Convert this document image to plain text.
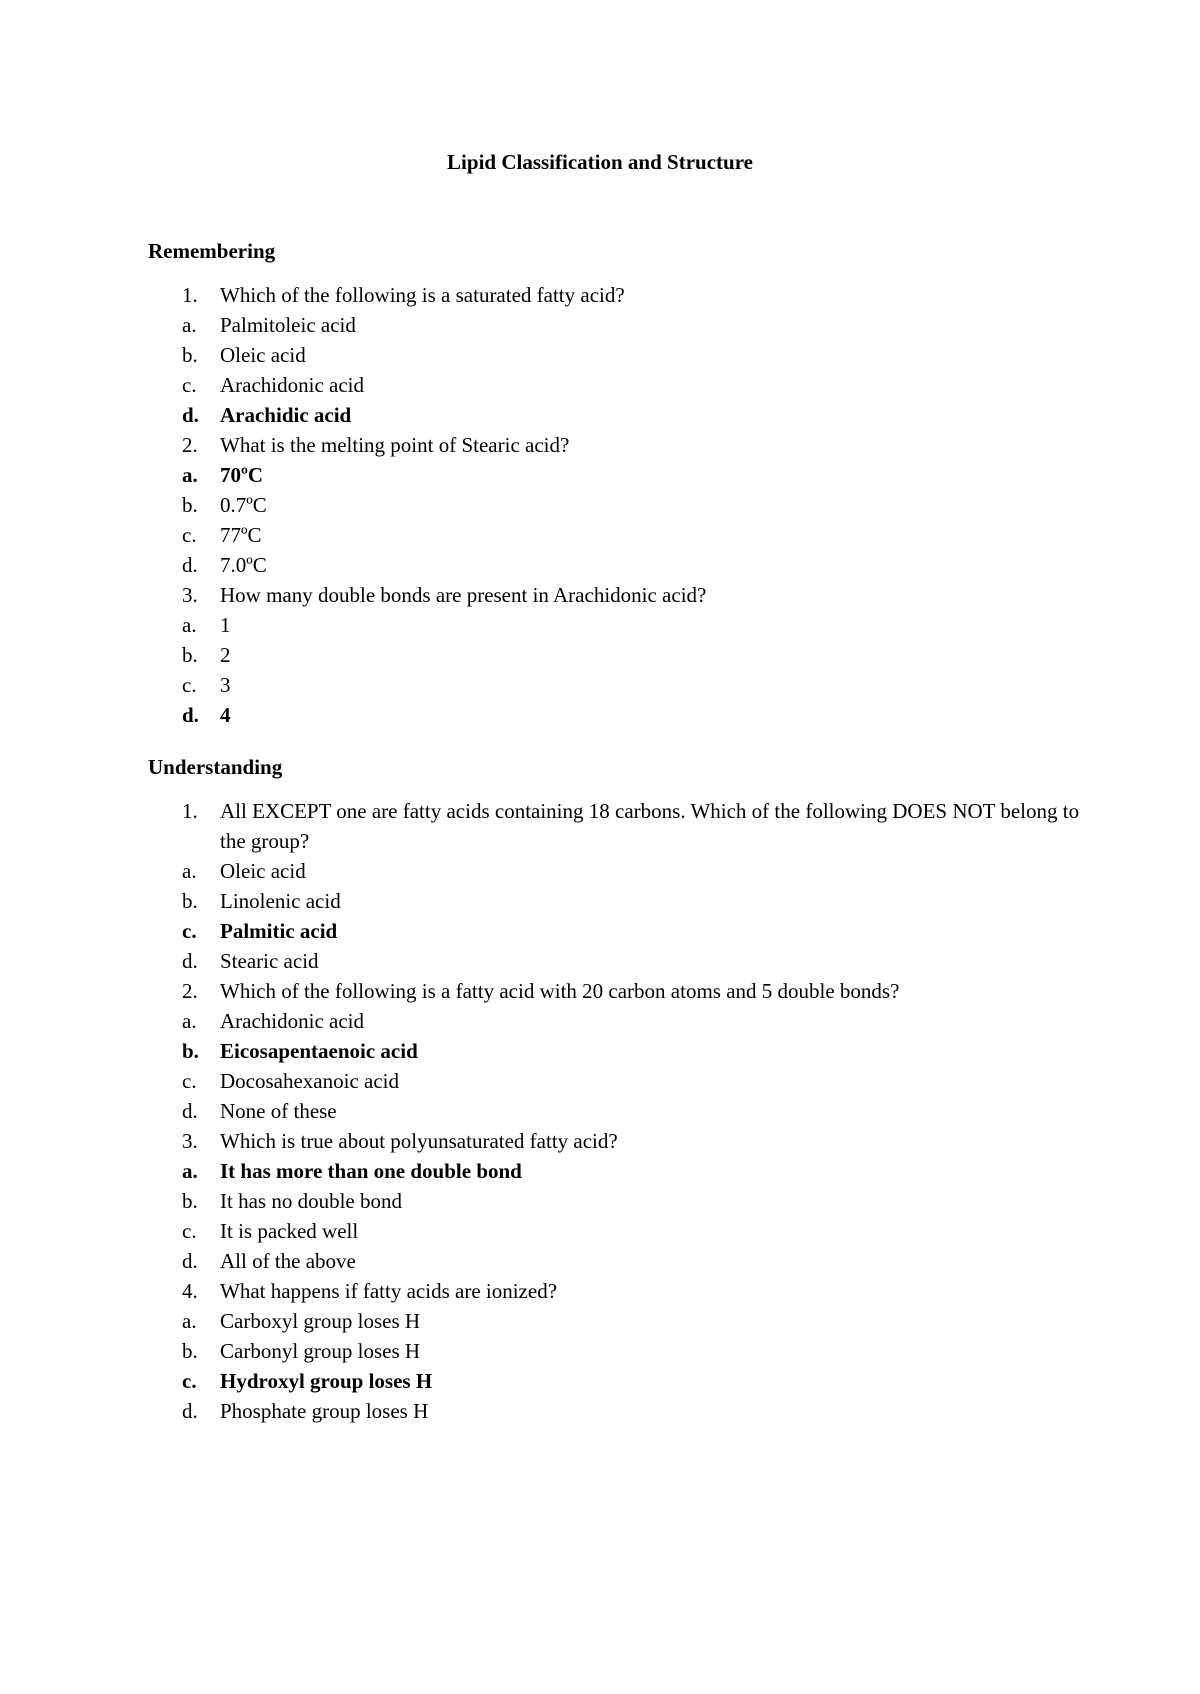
Lipid Classification and Structure
Remembering
1. Which of the following is a saturated fatty acid?
a. Palmitoleic acid
b. Oleic acid
c. Arachidonic acid
d. Arachidic acid
2. What is the melting point of Stearic acid?
a. 70ºC
b. 0.7ºC
c. 77ºC
d. 7.0ºC
3. How many double bonds are present in Arachidonic acid?
a. 1
b. 2
c. 3
d. 4
Understanding
1. All EXCEPT one are fatty acids containing 18 carbons. Which of the following DOES NOT belong to the group?
a. Oleic acid
b. Linolenic acid
c. Palmitic acid
d. Stearic acid
2. Which of the following is a fatty acid with 20 carbon atoms and 5 double bonds?
a. Arachidonic acid
b. Eicosapentaenoic acid
c. Docosahexanoic acid
d. None of these
3. Which is true about polyunsaturated fatty acid?
a. It has more than one double bond
b. It has no double bond
c. It is packed well
d. All of the above
4. What happens if fatty acids are ionized?
a. Carboxyl group loses H
b. Carbonyl group loses H
c. Hydroxyl group loses H
d. Phosphate group loses H
